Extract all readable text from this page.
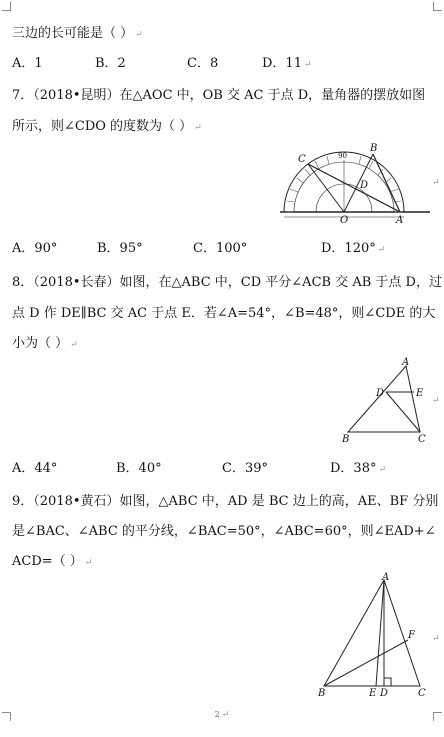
三边的长可能是（ ） ↵
A．1	B．2	C．8	D．11 ↵
7．（2018•昆明）在△AOC 中，OB 交 AC 于点 D，量角器的摆放如图
所示，则∠CDO 的度数为（ ） ↵
C
B
D
O	A
90
↵
A．90°	B．95°	C．100°	D．120° ↵
8．（2018•长春）如图，在△ABC 中，CD 平分∠ACB 交 AB 于点 D，过
点 D 作 DE∥BC 交 AC 于点 E．若∠A=54°，∠B=48°，则∠CDE 的大
小为（ ） ↵
A
D	E
B	C
↵
A．44°	B．40°	C．39°	D．38° ↵
9．（2018•黄石）如图，△ABC 中，AD 是 BC 边上的高，AE、BF 分别
是∠BAC、∠ABC 的平分线，∠BAC=50°，∠ABC=60°，则∠EAD+∠
ACD=（ ） ↵
A
F
B	E D	C
↵
2 ↵
